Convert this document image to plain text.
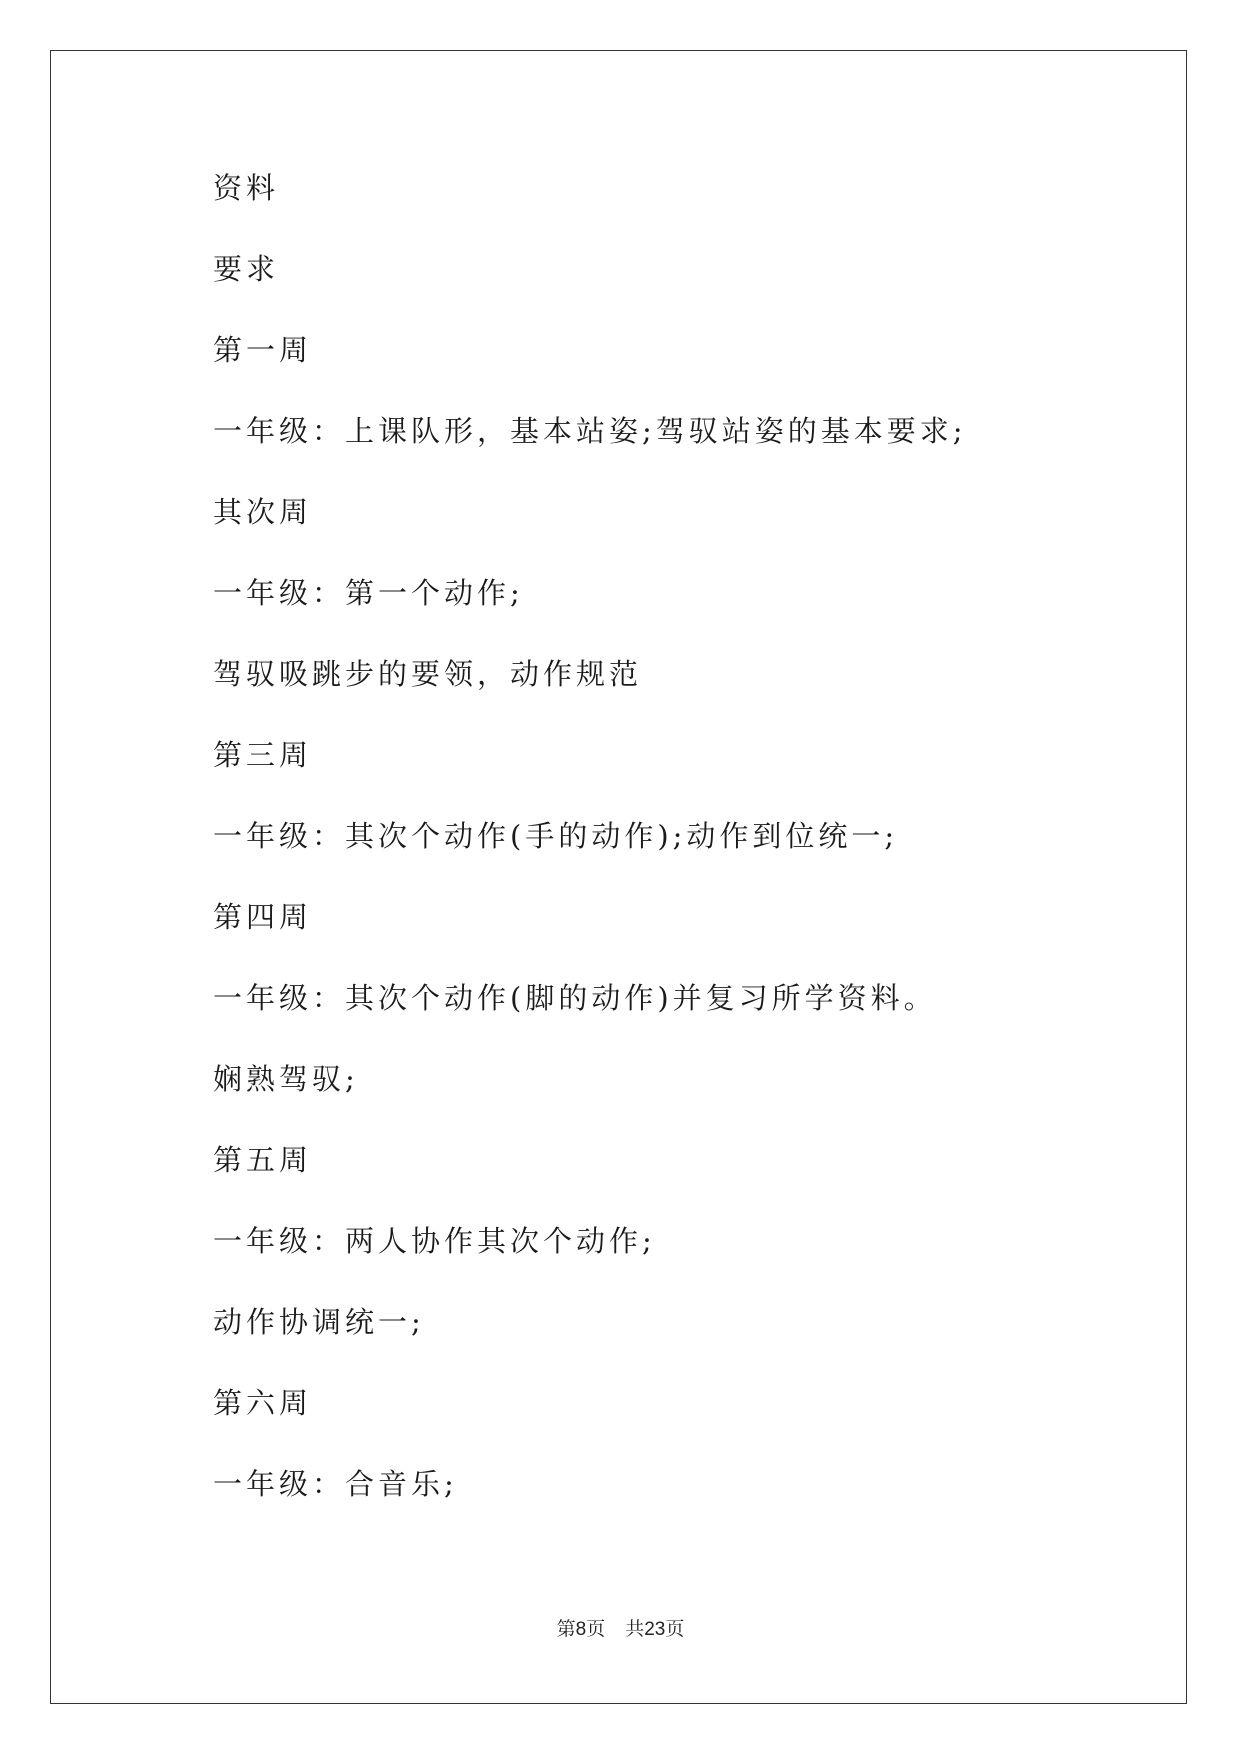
资料
要求
第一周
一年级：上课队形，基本站姿;驾驭站姿的基本要求;
其次周
一年级：第一个动作;
驾驭吸跳步的要领，动作规范
第三周
一年级：其次个动作(手的动作);动作到位统一;
第四周
一年级：其次个动作(脚的动作)并复习所学资料。
娴熟驾驭;
第五周
一年级：两人协作其次个动作;
动作协调统一;
第六周
一年级：合音乐;
第8页 共23页
